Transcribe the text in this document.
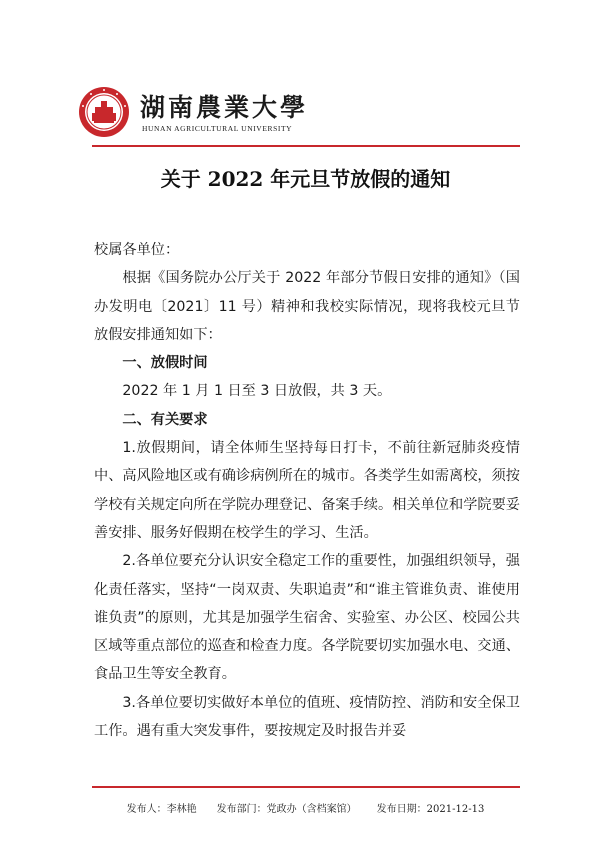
湖南農業大學
HUNAN AGRICULTURAL UNIVERSITY
关于 2022 年元旦节放假的通知

校属各单位：

根据《国务院办公厅关于 2022 年部分节假日安排的通知》（国办发明电〔2021〕11 号）精神和我校实际情况，现将我校元旦节放假安排通知如下：

一、放假时间

2022 年 1 月 1 日至 3 日放假，共 3 天。

二、有关要求

1.放假期间，请全体师生坚持每日打卡，不前往新冠肺炎疫情中、高风险地区或有确诊病例所在的城市。各类学生如需离校，须按学校有关规定向所在学院办理登记、备案手续。相关单位和学院要妥善安排、服务好假期在校学生的学习、生活。

2.各单位要充分认识安全稳定工作的重要性，加强组织领导，强化责任落实，坚持“一岗双责、失职追责”和“谁主管谁负责、谁使用谁负责”的原则，尤其是加强学生宿舍、实验室、办公区、校园公共区域等重点部位的巡查和检查力度。各学院要切实加强水电、交通、食品卫生等安全教育。

3.各单位要切实做好本单位的值班、疫情防控、消防和安全保卫工作。遇有重大突发事件，要按规定及时报告并妥

发布人：李林艳 发布部门：党政办（含档案馆） 发布日期：2021-12-13
